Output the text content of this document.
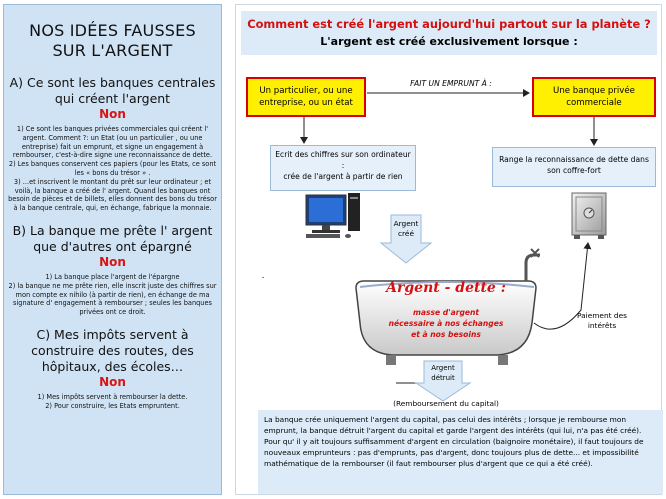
NOS IDÉES FAUSSES
SUR L'ARGENT
A) Ce sont les banques centrales
qui créent l'argent
Non

1) Ce sont les banques privées commerciales qui créent l' argent. Comment ?: un Etat (ou un particulier , ou une entreprise) fait un emprunt, et signe un engagement à rembourser, c'est-à-dire signe une reconnaissance de dette.

2) Les banques conservent ces papiers (pour les Etats, ce sont les « bons du trésor » .

3) ...et inscrivent le montant du prêt sur leur ordinateur ; et voilà, la banque a créé de l' argent. Quand les banques ont besoin de pièces et de billets, elles donnent des bons du trésor à la banque centrale, qui, en échange, fabrique la monnaie.

B) La banque me prête l' argent
que d'autres ont épargné
Non

1) La banque place l'argent de l'épargne

2) la banque ne me prête rien, elle inscrit juste des chiffres sur mon compte ex nihilo (à partir de rien), en échange de ma signature d' engagement à rembourser ; seules les banques privées ont ce droit.

C) Mes impôts servent à
construire des routes, des
hôpitaux, des écoles…
Non

1) Mes impôts servent à rembourser la dette.

2) Pour construire, les Etats empruntent.

Comment est créé l'argent aujourd'hui partout sur la planète ?
L'argent est créé exclusivement lorsque :
Un particulier, ou une entreprise, ou un état
FAIT UN EMPRUNT À :
Une banque privée commerciale
Ecrit des chiffres sur son ordinateur :
crée de l'argent à partir de rien
Range la reconnaissance de dette dans son coffre-fort
Argent créé
.
Argent - dette :
masse d'argent
nécessaire à nos échanges
et à nos besoins
Paiement des intérêts
Argent détruit
(Remboursement du capital)
La banque crée uniquement l'argent du capital, pas celui des intérêts ; lorsque je rembourse mon emprunt, la banque détruit l'argent du capital et garde l'argent des intérêts (qui lui, n'a pas été créé). Pour qu' il y ait toujours suffisamment d'argent en circulation (baignoire monétaire), il faut toujours de nouveaux emprunteurs : pas d'emprunts, pas d'argent, donc toujours plus de dette... et impossibilité mathématique de la rembourser (il faut rembourser plus d'argent que ce qui a été créé).
